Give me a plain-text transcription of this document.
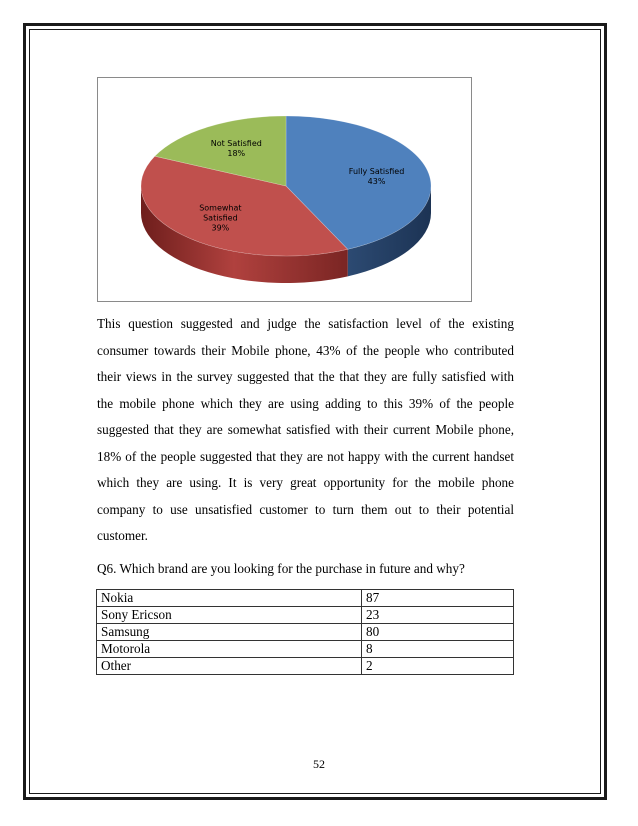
Fully Satisfied 43%
Somewhat Satisfied 39%
Not Satisfied 18%

This question suggested and judge the satisfaction level of the existing consumer towards their Mobile phone, 43% of the people who contributed their views in the survey suggested that the that they are fully satisfied with the mobile phone which they are using adding to this 39% of the people suggested that they are somewhat satisfied with their current Mobile phone, 18% of the people suggested that they are not happy with the current handset which they are using. It is very great opportunity for the mobile phone company to use unsatisfied customer to turn them out to their potential customer.

Q6. Which brand are you looking for the purchase in future and why?

Nokia	87
Sony Ericson	23
Samsung	80
Motorola	8
Other	2
52
